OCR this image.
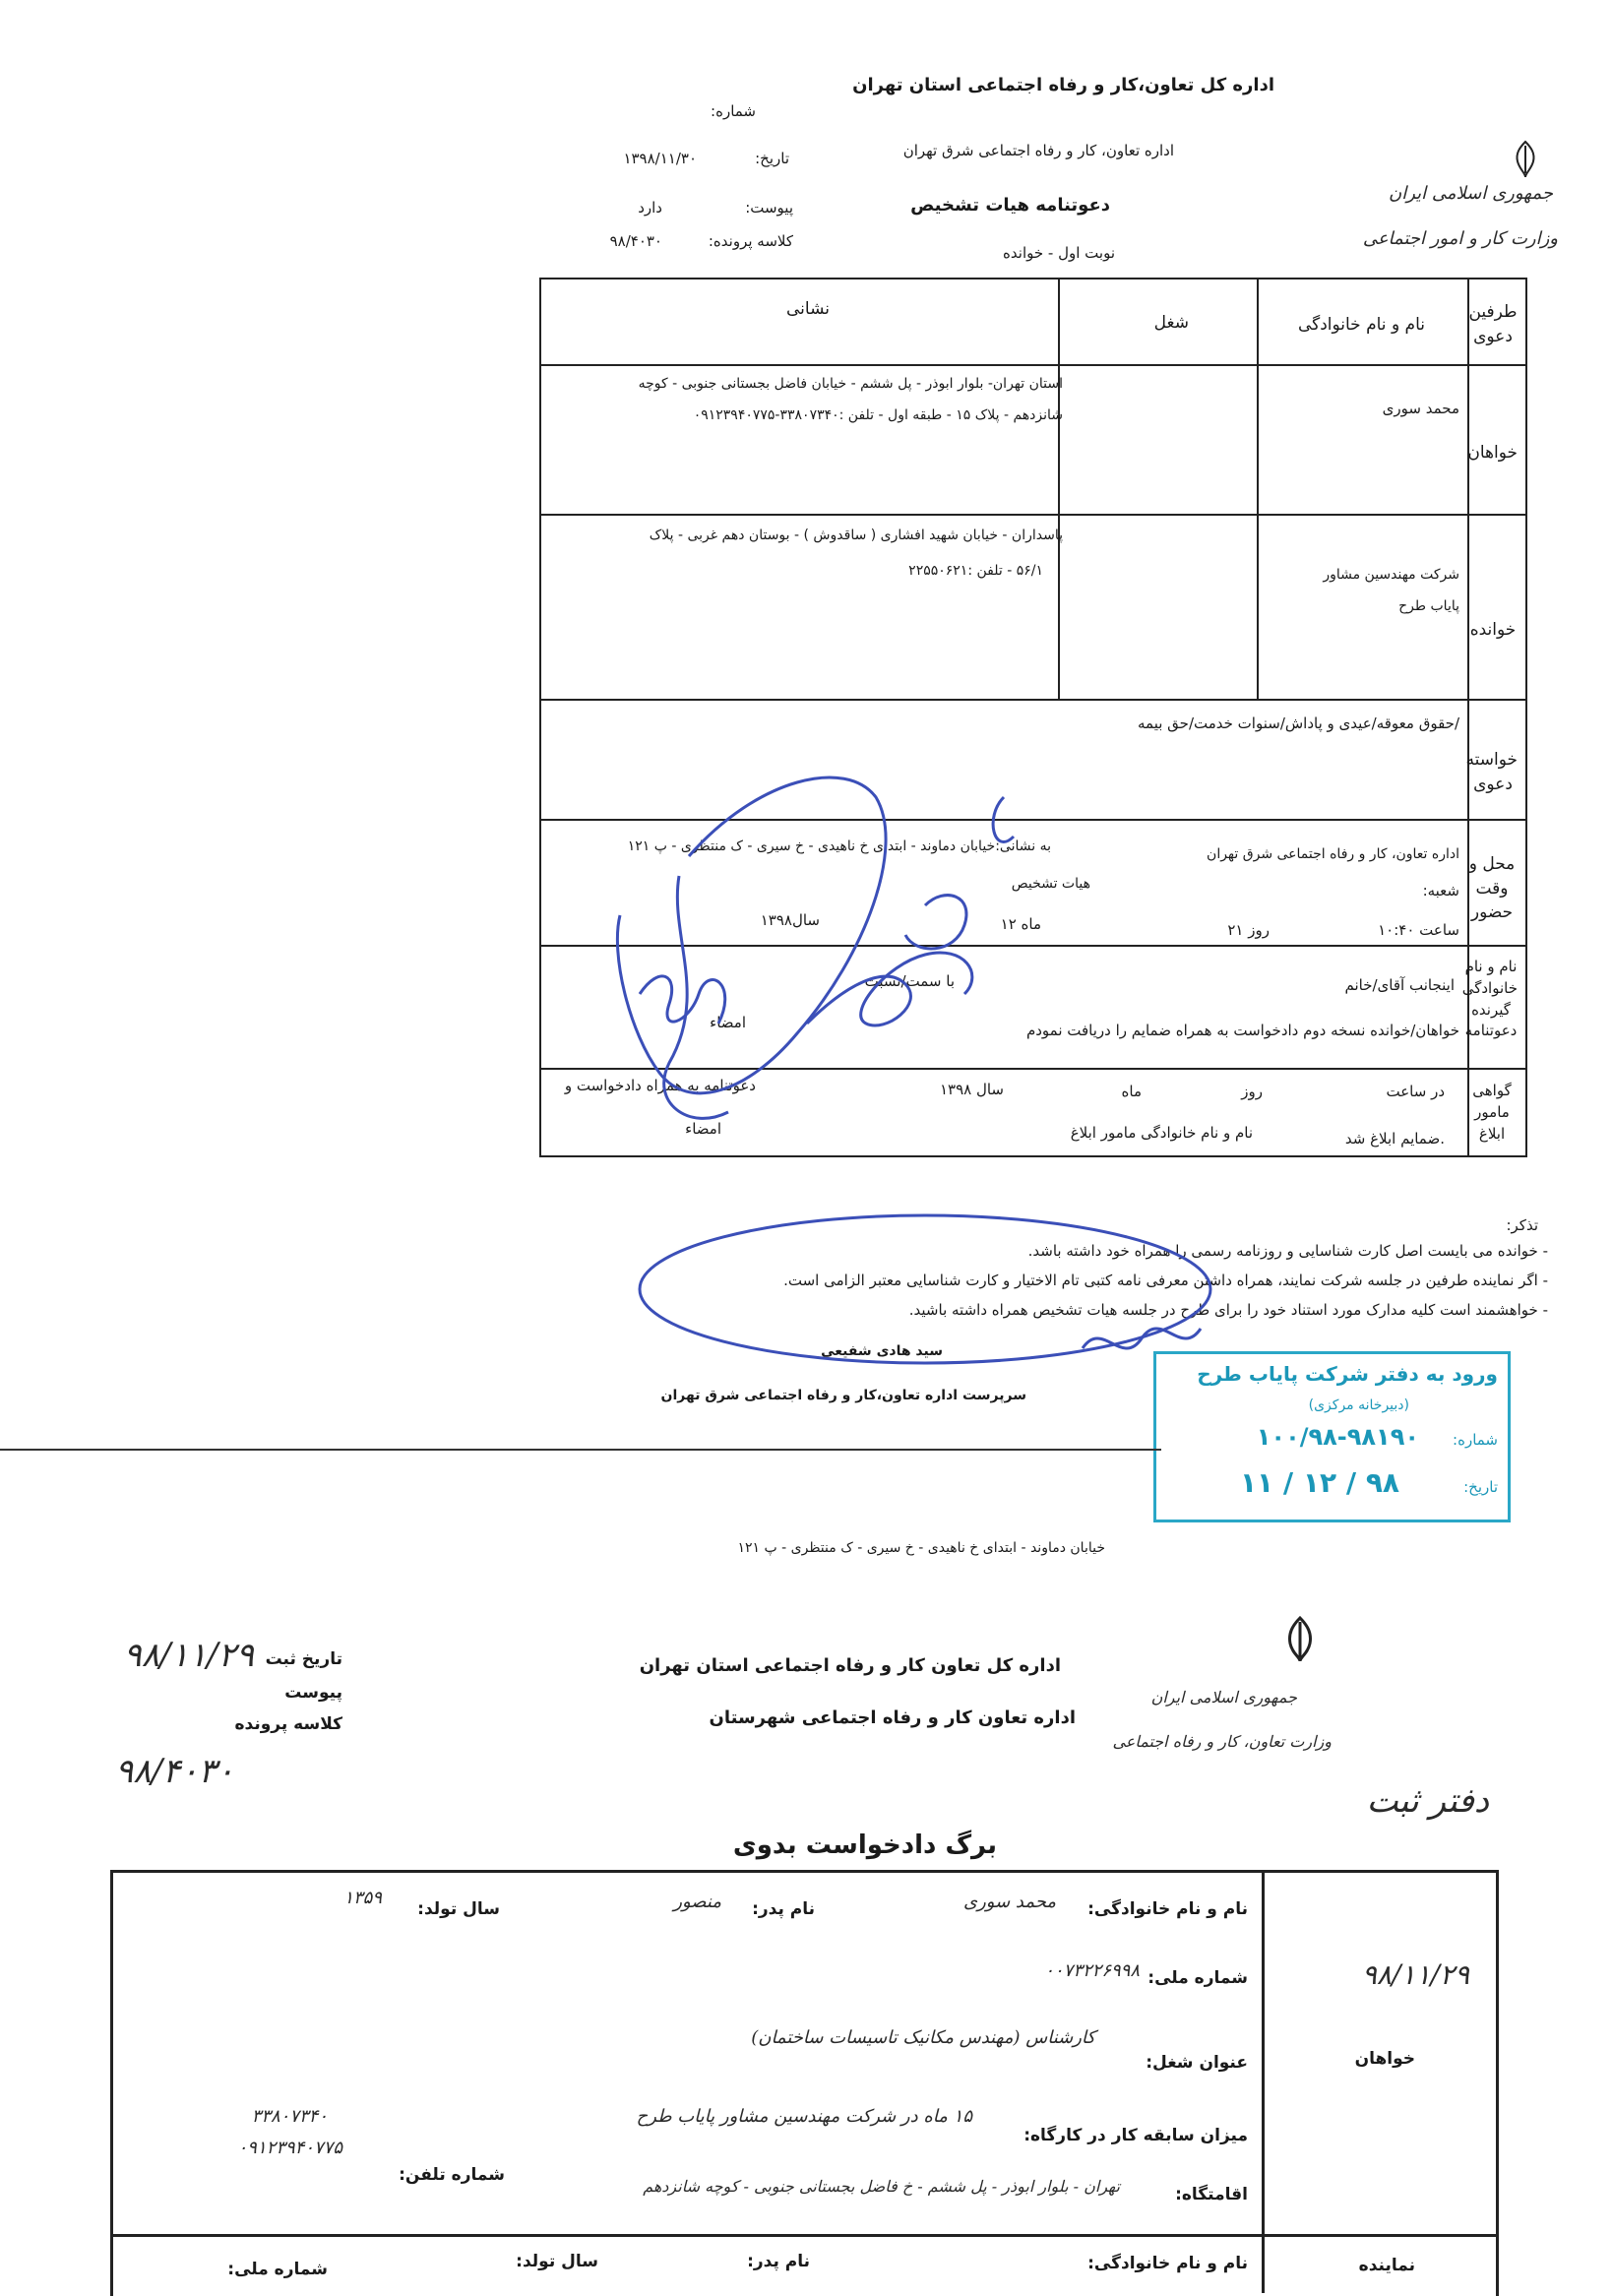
اداره کل تعاون،کار و رفاه اجتماعی استان تهران
شماره:
جمهوری اسلامی ایران
وزارت کار و امور اجتماعی
اداره تعاون، کار و رفاه اجتماعی شرق تهران
دعوتنامه هیات تشخیص
نوبت اول - خوانده
تاریخ:
۱۳۹۸/۱۱/۳۰
پیوست:
دارد
کلاسه پرونده:
۹۸/۴۰۳۰
طرفین دعوی
نام و نام خانوادگی
شغل
نشانی
خواهان
محمد سوری
استان تهران- بلوار ابوذر - پل ششم - خیابان فاضل بجستانی جنوبی - کوچه
شانزدهم - پلاک ۱۵ - طبقه اول - تلفن :۳۳۸۰۷۳۴۰-۰۹۱۲۳۹۴۰۷۷۵
خوانده
شرکت مهندسین مشاور
پایاب طرح
پاسداران - خیابان شهید افشاری ( ساقدوش ) - بوستان دهم غربی - پلاک
۵۶/۱ - تلفن :۲۲۵۵۰۶۲۱
خواسته دعوی
/حقوق معوقه/عیدی و پاداش/سنوات خدمت/حق بیمه
محل و وقت حضور
اداره تعاون، کار و رفاه اجتماعی شرق تهران
به نشانی:خیابان دماوند - ابتدای خ ناهیدی - خ سیری - ک منتظری - پ ۱۲۱
شعبه:
هیات تشخیص
ساعت ۱۰:۴۰
روز ۲۱
ماه ۱۲
سال۱۳۹۸
نام و نام خانوادگی گیرنده دعوتنامه
اینجانب آقای/خانم
با سمت/نسبت
خواهان/خوانده نسخه دوم دادخواست به همراه ضمایم را دریافت نمودم
امضاء
گواهی مامور ابلاغ
در ساعت
روز
ماه
سال ۱۳۹۸
دعوتنامه به همراه دادخواست و
.ضمایم ابلاغ شد
نام و نام خانوادگی مامور ابلاغ
امضاء
تذکر:
- خوانده می بایست اصل کارت شناسایی و روزنامه رسمی را همراه خود داشته باشد.
- اگر نماینده طرفین در جلسه شرکت نمایند، همراه داشتن معرفی نامه کتبی تام الاختیار و کارت شناسایی معتبر الزامی است.
- خواهشمند است کلیه مدارک مورد استناد خود را برای طرح در جلسه هیات تشخیص همراه داشته باشید.
سید هادی شفیعی
سرپرست اداره تعاون،کار و رفاه اجتماعی شرق تهران
ورود به دفتر شرکت پایاب طرح
(دبیرخانه مرکزی)
شماره:
۱۰۰/۹۸-۹۸۱۹۰
تاریخ:
۹۸ / ۱۲ / ۱۱
خیابان دماوند - ابتدای خ ناهیدی - خ سیری - ک منتظری - پ ۱۲۱
جمهوری اسلامی ایران
وزارت تعاون، کار و رفاه اجتماعی
دفتر ثبت
اداره کل تعاون کار و رفاه اجتماعی استان تهران
اداره تعاون کار و رفاه اجتماعی شهرستان
تاریخ ثبت
۹۸/۱۱/۲۹
پیوست
کلاسه پرونده
۹۸/۴۰۳۰
برگ دادخواست بدوی
خواهان
۹۸/۱۱/۲۹
نام و نام خانوادگی:
محمد سوری
نام پدر:
منصور
سال تولد:
۱۳۵۹
شماره ملی:
۰۰۷۳۲۲۶۹۹۸
عنوان شغل:
کارشناس (مهندس مکانیک تاسیسات ساختمان)
میزان سابقه کار در کارگاه:
۱۵ ماه در شرکت مهندسین مشاور پایاب طرح
اقامتگاه:
تهران - بلوار ابوذر - پل ششم - خ فاضل بجستانی جنوبی - کوچه شانزدهم
شماره تلفن:
۳۳۸۰۷۳۴۰
۰۹۱۲۳۹۴۰۷۷۵
نماینده
نام و نام خانوادگی:
نام پدر:
سال تولد:
شماره ملی:
